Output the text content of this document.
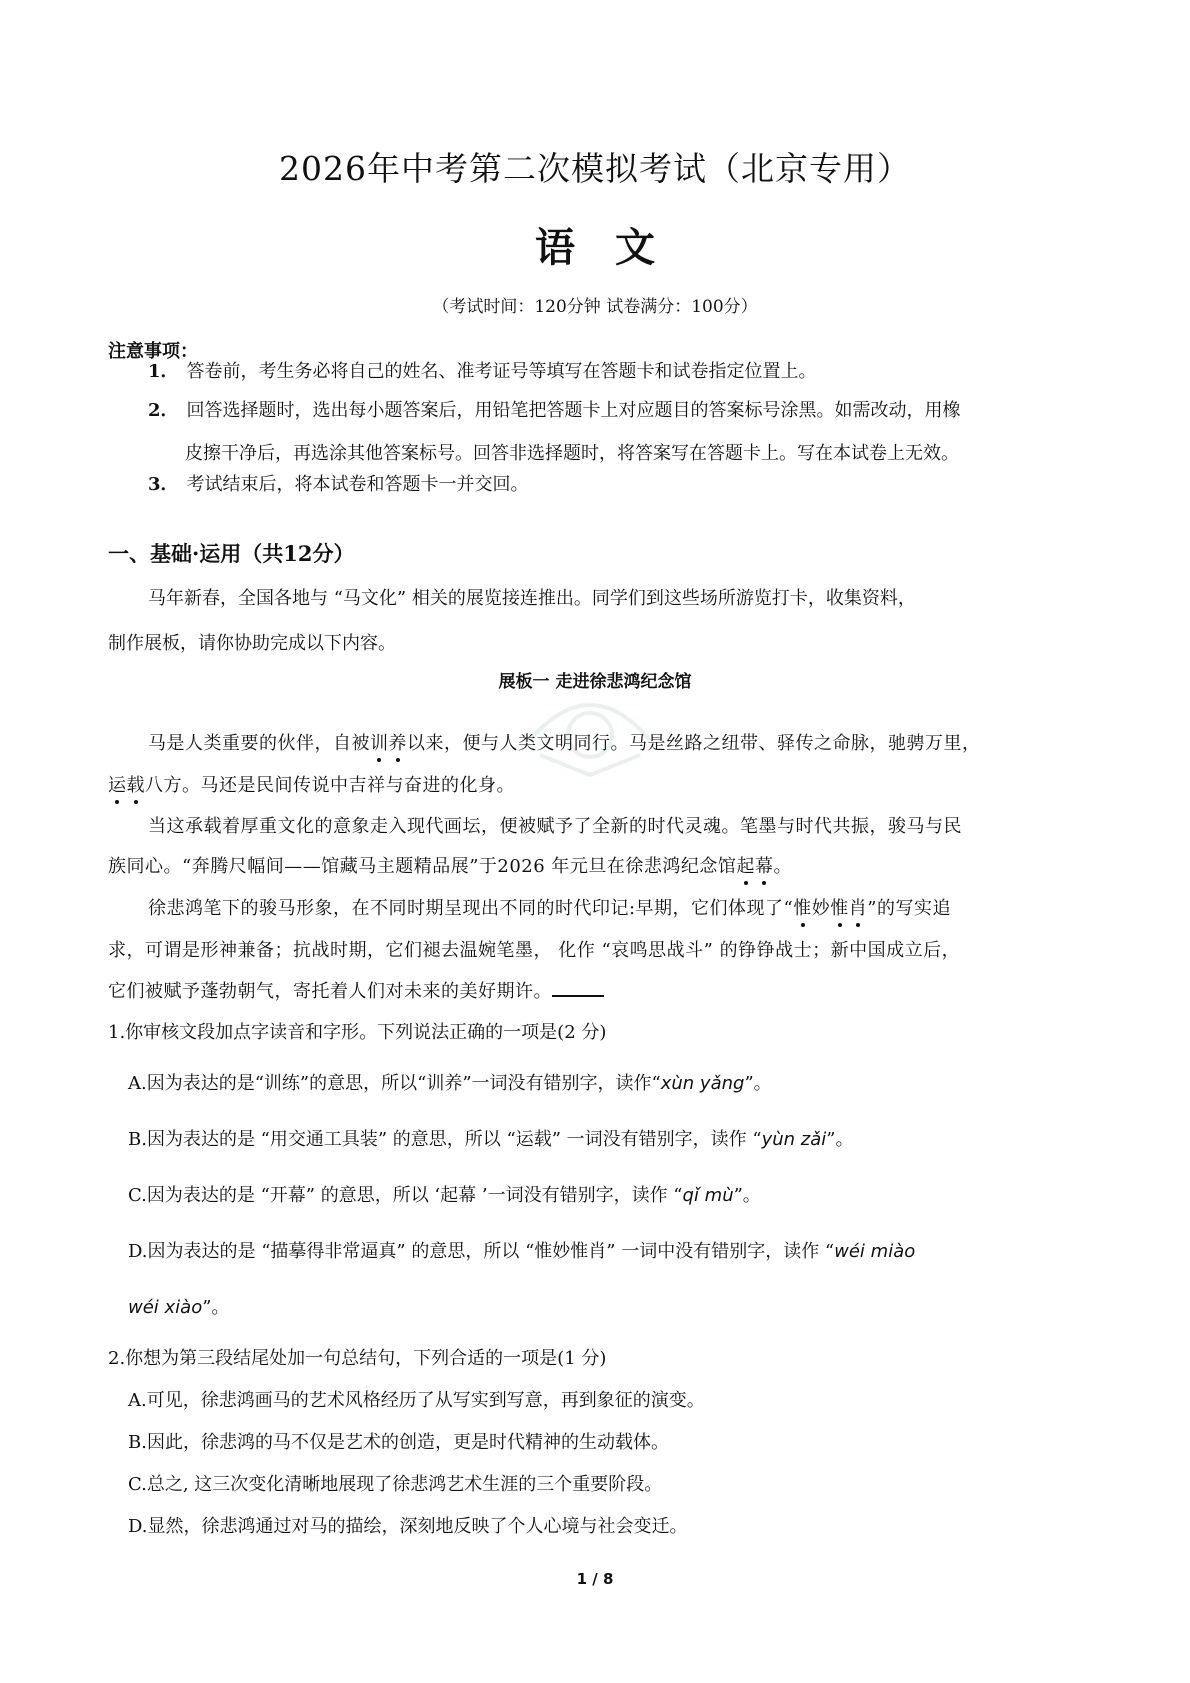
2026年中考第二次模拟考试（北京专用）
语 文
（考试时间：120分钟 试卷满分：100分）
注意事项：
1． 答卷前，考生务必将自己的姓名、准考证号等填写在答题卡和试卷指定位置上。
2． 回答选择题时，选出每小题答案后，用铅笔把答题卡上对应题目的答案标号涂黑。如需改动，用橡
皮擦干净后，再选涂其他答案标号。回答非选择题时，将答案写在答题卡上。写在本试卷上无效。
3． 考试结束后，将本试卷和答题卡一并交回。
一、基础·运用（共12分）
马年新春，全国各地与 “马文化” 相关的展览接连推出。同学们到这些场所游览打卡，收集资料，
制作展板，请你协助完成以下内容。
展板一 走进徐悲鸿纪念馆
马是人类重要的伙伴，自被训养以来，便与人类文明同行。马是丝路之纽带、驿传之命脉，驰骋万里，
运载八方。马还是民间传说中吉祥与奋进的化身。
当这承载着厚重文化的意象走入现代画坛，便被赋予了全新的时代灵魂。笔墨与时代共振，骏马与民
族同心。“奔腾尺幅间——馆藏马主题精品展”于2026 年元旦在徐悲鸿纪念馆起幕。
徐悲鸿笔下的骏马形象，在不同时期呈现出不同的时代印记:早期，它们体现了“惟妙惟肖”的写实追
求，可谓是形神兼备；抗战时期，它们褪去温婉笔墨， 化作 “哀鸣思战斗” 的铮铮战士；新中国成立后，
它们被赋予蓬勃朝气，寄托着人们对未来的美好期许。
1.你审核文段加点字读音和字形。下列说法正确的一项是(2 分)
A.因为表达的是“训练”的意思，所以“训养”一词没有错别字，读作“xùn yǎng”。
B.因为表达的是 “用交通工具装” 的意思，所以 “运载” 一词没有错别字，读作 “yùn zǎi”。
C.因为表达的是 “开幕” 的意思，所以 ‘起幕 ’一词没有错别字，读作 “qǐ mù”。
D.因为表达的是 “描摹得非常逼真” 的意思，所以 “惟妙惟肖” 一词中没有错别字，读作 “wéi miào
wéi xiào”。
2.你想为第三段结尾处加一句总结句，下列合适的一项是(1 分)
A.可见，徐悲鸿画马的艺术风格经历了从写实到写意，再到象征的演变。
B.因此，徐悲鸿的马不仅是艺术的创造，更是时代精神的生动载体。
C.总之, 这三次变化清晰地展现了徐悲鸿艺术生涯的三个重要阶段。
D.显然，徐悲鸿通过对马的描绘，深刻地反映了个人心境与社会变迁。
1 / 8
